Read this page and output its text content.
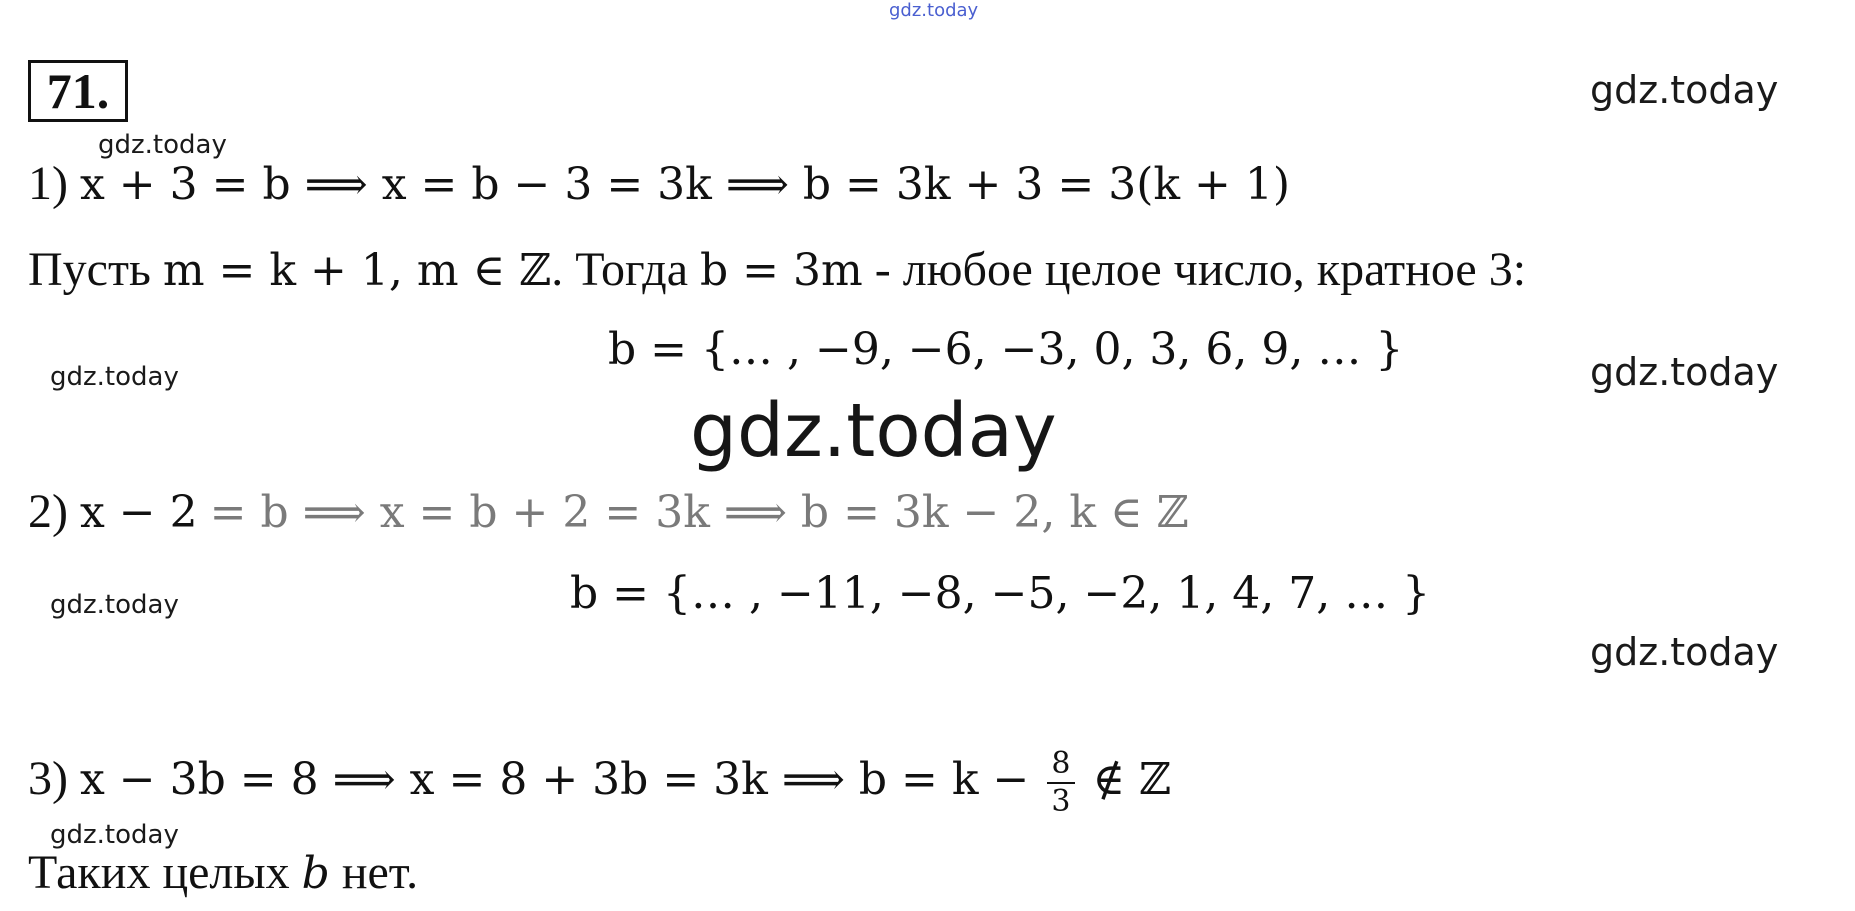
gdz.today
gdz.today
gdz.today
gdz.today	gdz.today
gdz.today
gdz.today
gdz.today
gdz.today
71.
1) x + 3 = b ⟹ x = b − 3 = 3k ⟹ b = 3k + 3 = 3(k + 1)
Пусть m = k + 1, m ∈ ℤ. Тогда b = 3m - любое целое число, кратное 3:
b = {… , −9, −6, −3, 0, 3, 6, 9, … }
2) x − 2 = b ⟹ x = b + 2 = 3k ⟹ b = 3k − 2, k ∈ ℤ
b = {… , −11, −8, −5, −2, 1, 4, 7, … }
3) x − 3b = 8 ⟹ x = 8 + 3b = 3k ⟹ $b = k - \frac{8}{3}$ ∉ ℤ
Таких целых b нет.
